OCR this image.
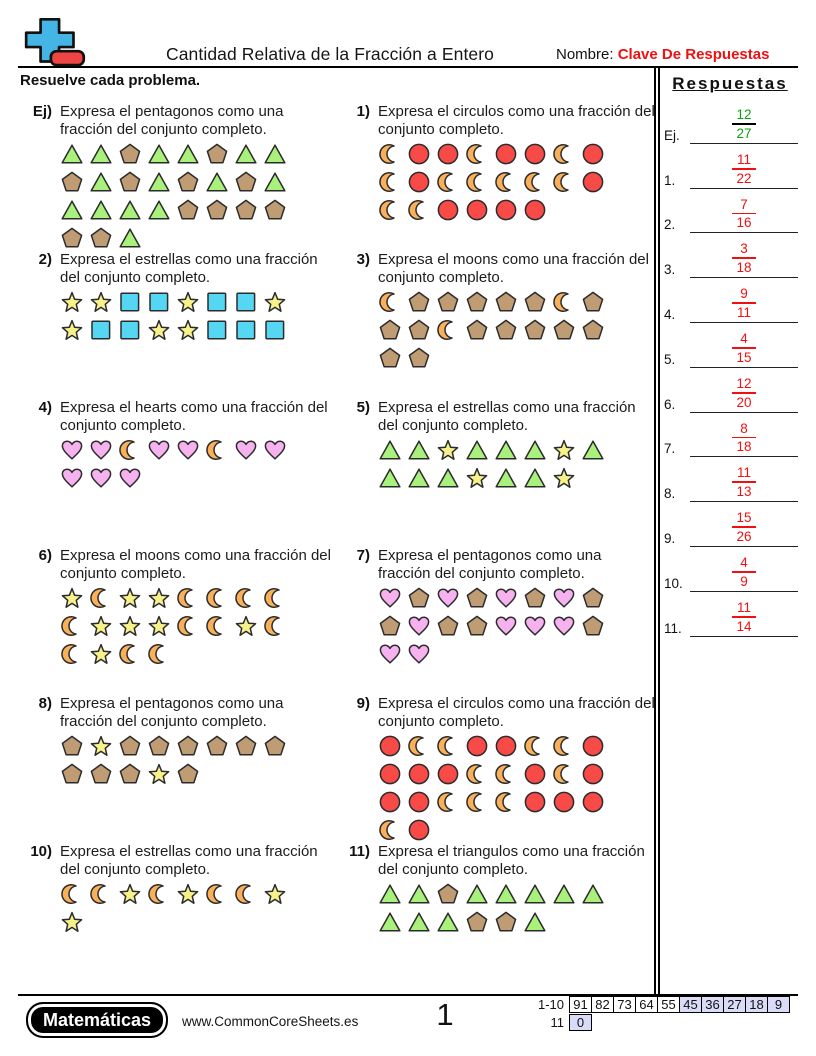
Cantidad Relativa de la Fracción a Entero	Nombre: Clave De Respuestas
Resuelve cada problema.
Ej) Expresa el pentagonos como una fracción del conjunto completo.
1) Expresa el circulos como una fracción del conjunto completo.
2) Expresa el estrellas como una fracción del conjunto completo.
3) Expresa el moons como una fracción del conjunto completo.
4) Expresa el hearts como una fracción del conjunto completo.
5) Expresa el estrellas como una fracción del conjunto completo.
6) Expresa el moons como una fracción del conjunto completo.
7) Expresa el pentagonos como una fracción del conjunto completo.
8) Expresa el pentagonos como una fracción del conjunto completo.
9) Expresa el circulos como una fracción del conjunto completo.
10) Expresa el estrellas como una fracción del conjunto completo.
11) Expresa el triangulos como una fracción del conjunto completo.
Respuestas
Ej.	$\frac{12}{27}$
1.	$\frac{11}{22}$
2.	$\frac{7}{16}$
3.	$\frac{3}{18}$
4.	$\frac{9}{11}$
5.	$\frac{4}{15}$
6.	$\frac{12}{20}$
7.	$\frac{8}{18}$
8.	$\frac{11}{13}$
9.	$\frac{15}{26}$
10.	$\frac{4}{9}$
11.	$\frac{11}{14}$
Matemáticas	www.CommonCoreSheets.es	1	1-10 91 82 73 64 55 45 36 27 18 9
11 0
